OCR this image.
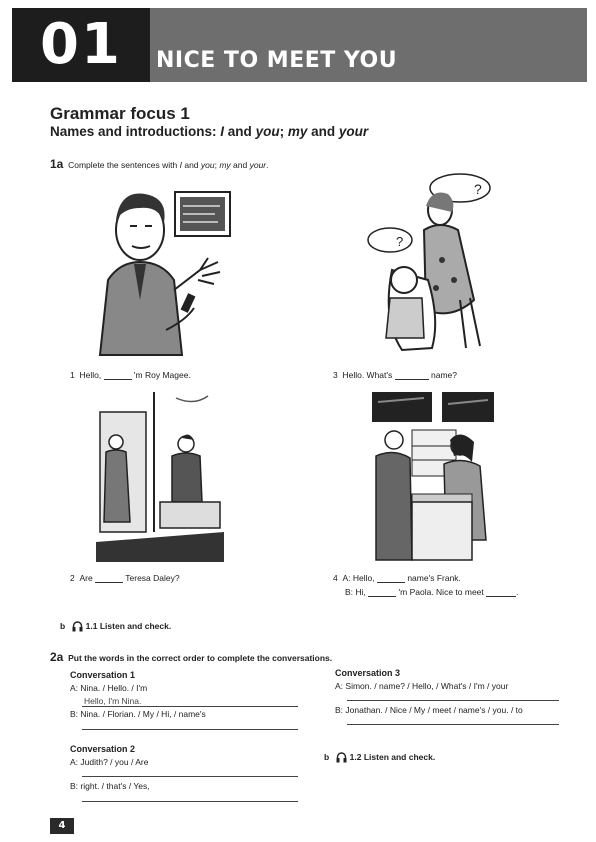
01	NICE TO MEET YOU
Grammar focus 1
Names and introductions: I and you; my and your
1a Complete the sentences with I and you; my and your.
?
?
1 Hello,	'm Roy Magee.	3 Hello. What's	name?
2 Are	Teresa Daley?	4 A: Hello,	name's Frank.
B: Hi,	'm Paola. Nice to meet	.
b 1.1 Listen and check.
2a Put the words in the correct order to complete the conversations.
Conversation 1
A: Nina. / Hello. / I'm
Hello, I'm Nina.
B: Nina. / Florian. / My / Hi, / name's
Conversation 2
A: Judith? / you / Are
B: right. / that's / Yes,
Conversation 3
A: Simon. / name? / Hello, / What's / I'm / your
B: Jonathan. / Nice / My / meet / name's / you. / to
b 1.2 Listen and check.
4
